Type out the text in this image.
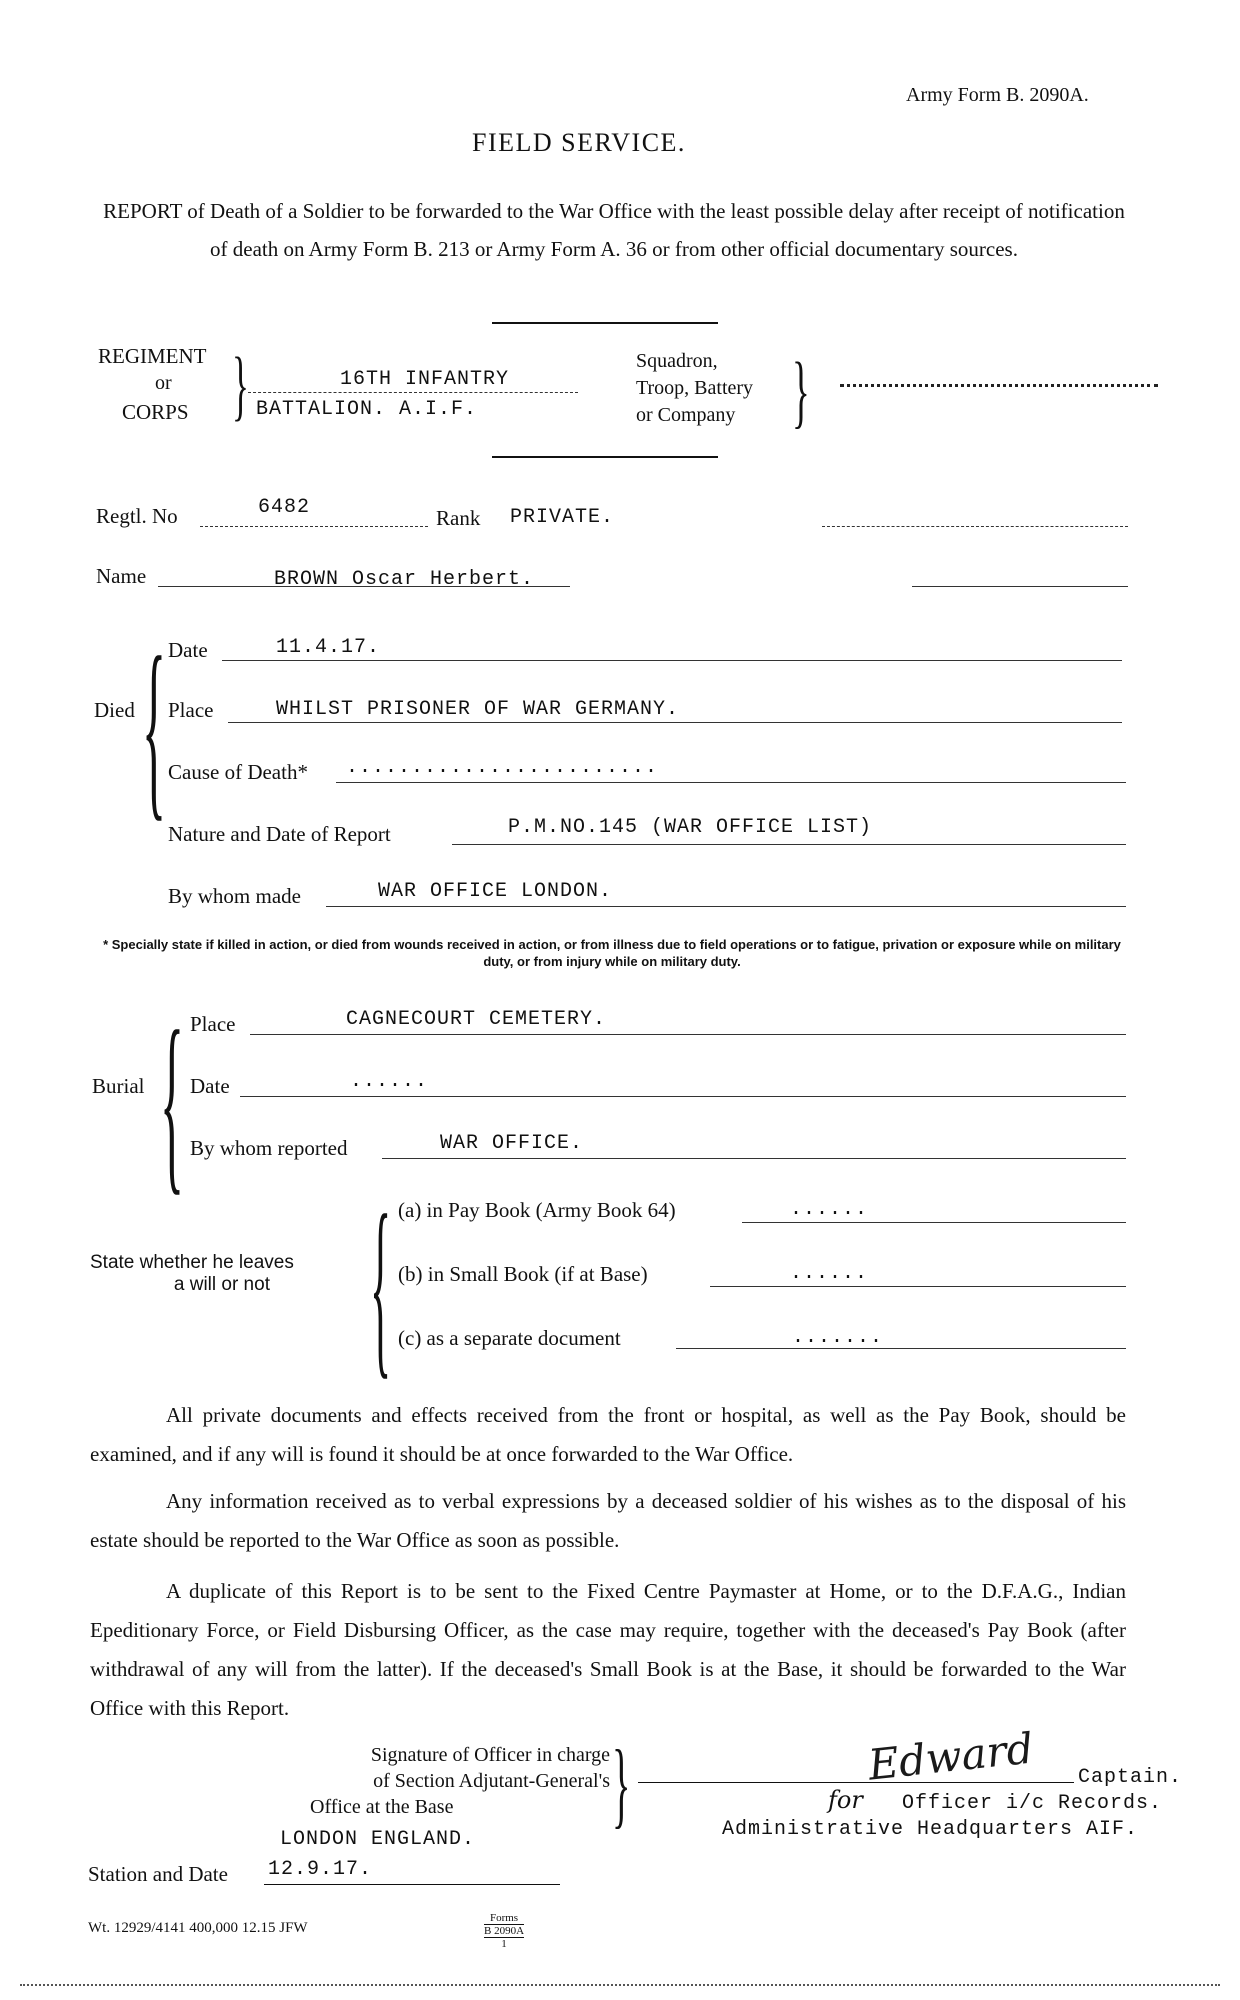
Army Form B. 2090A.
FIELD SERVICE.
REPORT of Death of a Soldier to be forwarded to the War Office with the least possible delay after receipt of notification of death on Army Form B. 213 or Army Form A. 36 or from other official documentary sources.
REGIMENT
or
CORPS }	16TH INFANTRY
BATTALION. A.I.F.
Squadron,
Troop, Battery
or Company }
Regtl. No	6482	Rank PRIVATE.
Name	BROWN Oscar Herbert.
Died { Date	11.4.17.
Place	WHILST PRISONER OF WAR GERMANY.
Cause of Death* ........................
Nature and Date of Report	P.M.NO.145 (WAR OFFICE LIST)
By whom made	WAR OFFICE LONDON.
* Specially state if killed in action, or died from wounds received in action, or from illness due to field operations or to fatigue, privation or exposure while on military duty, or from injury while on military duty.
Burial { Place	CAGNECOURT CEMETERY.
Date	......
By whom reported	WAR OFFICE.
State whether he leaves
a will or not { (a) in Pay Book (Army Book 64)	......
(b) in Small Book (if at Base)	......
(c) as a separate document	.......
All private documents and effects received from the front or hospital, as well as the Pay Book, should be examined, and if any will is found it should be at once forwarded to the War Office.
Any information received as to verbal expressions by a deceased soldier of his wishes as to the disposal of his estate should be reported to the War Office as soon as possible.
A duplicate of this Report is to be sent to the Fixed Centre Paymaster at Home, or to the D.F.A.G., Indian Epeditionary Force, or Field Disbursing Officer, as the case may require, together with the deceased's Pay Book (after withdrawal of any will from the latter). If the deceased's Small Book is at the Base, it should be forwarded to the War Office with this Report.
Signature of Officer in charge
of Section Adjutant-General's
Office at the Base	}	Edward Captain.
for Officer i/c Records.
Administrative Headquarters AIF.
LONDON ENGLAND.
Station and Date 12.9.17.
Wt. 12929/4141 400,000 12.15 JFW
Forms
B 2090A
1
